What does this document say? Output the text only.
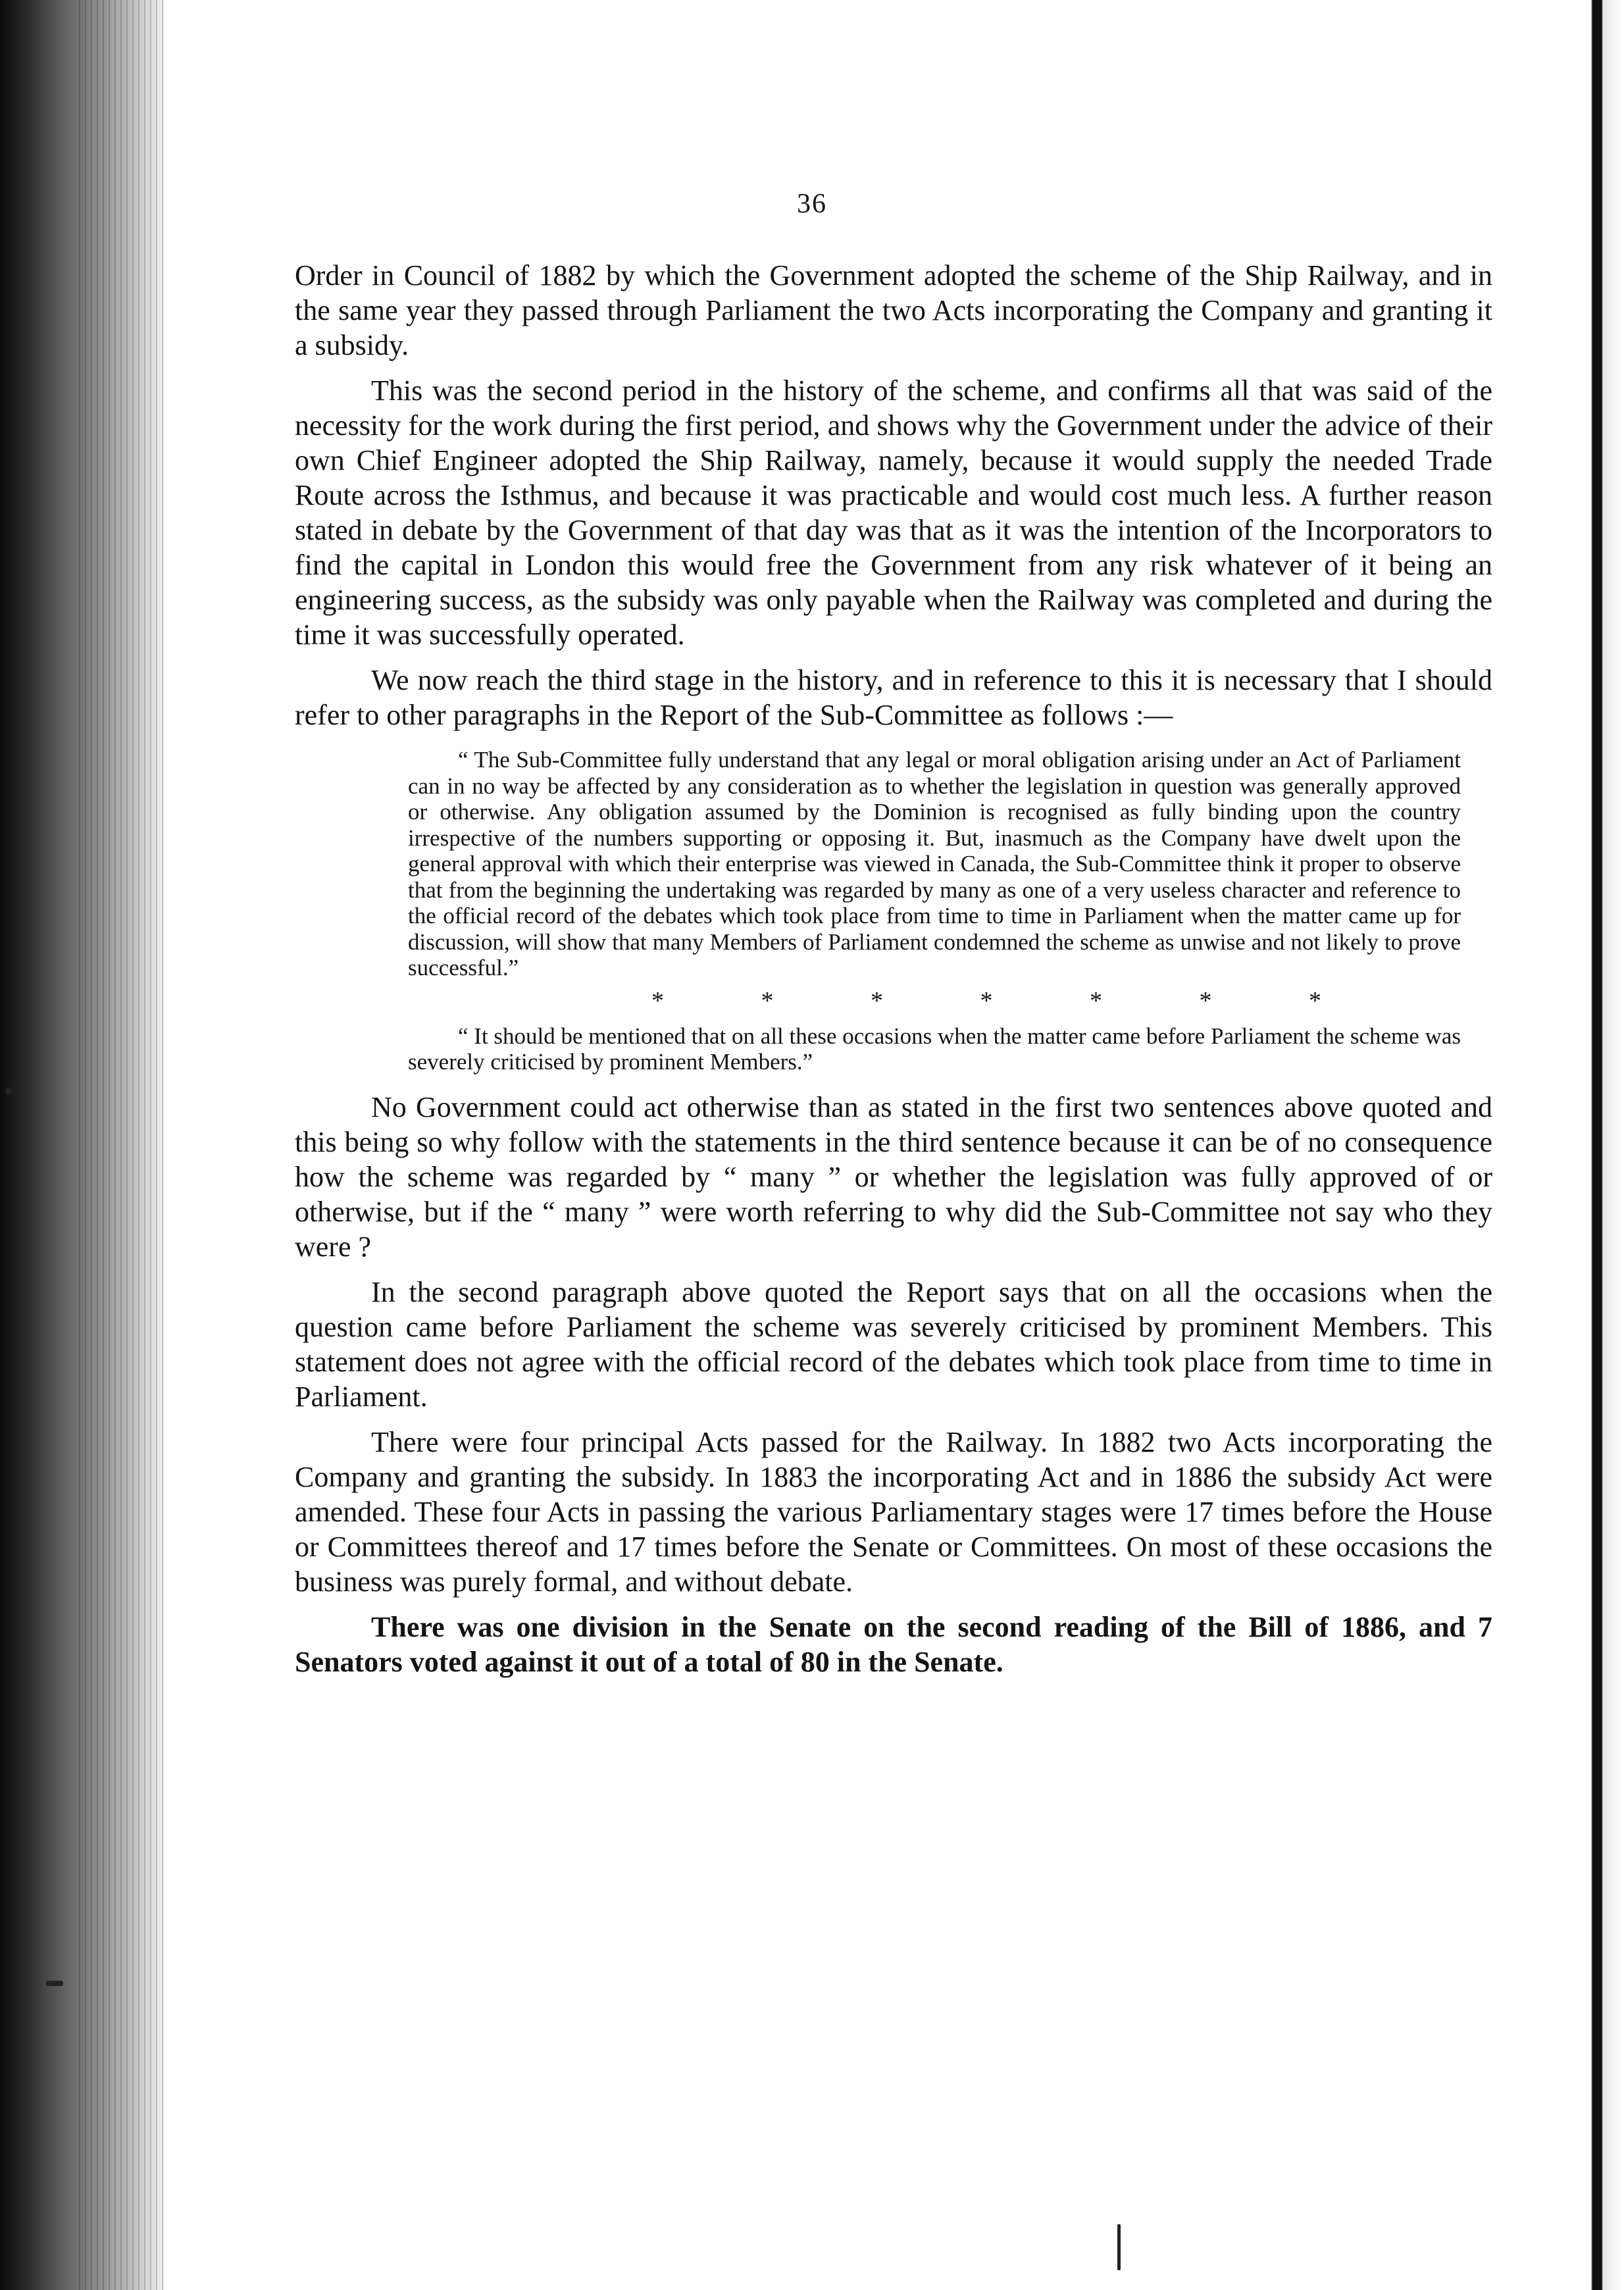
36

Order in Council of 1882 by which the Government adopted the scheme of the Ship Railway, and in the same year they passed through Parliament the two Acts incorporating the Company and granting it a subsidy.

This was the second period in the history of the scheme, and confirms all that was said of the necessity for the work during the first period, and shows why the Government under the advice of their own Chief Engineer adopted the Ship Railway, namely, because it would supply the needed Trade Route across the Isthmus, and because it was practicable and would cost much less. A further reason stated in debate by the Government of that day was that as it was the intention of the Incorporators to find the capital in London this would free the Government from any risk whatever of it being an engineering success, as the subsidy was only payable when the Railway was completed and during the time it was successfully operated.

We now reach the third stage in the history, and in reference to this it is necessary that I should refer to other paragraphs in the Report of the Sub-Committee as follows :—

“ The Sub-Committee fully understand that any legal or moral obligation arising under an Act of Parliament can in no way be affected by any consideration as to whether the legislation in question was generally approved or otherwise. Any obligation assumed by the Dominion is recognised as fully binding upon the country irrespective of the numbers supporting or opposing it. But, inasmuch as the Company have dwelt upon the general approval with which their enterprise was viewed in Canada, the Sub-Committee think it proper to observe that from the beginning the undertaking was regarded by many as one of a very useless character and reference to the official record of the debates which took place from time to time in Parliament when the matter came up for discussion, will show that many Members of Parliament condemned the scheme as unwise and not likely to prove successful.”

* * * * * * *

“ It should be mentioned that on all these occasions when the matter came before Parliament the scheme was severely criticised by prominent Members.”

No Government could act otherwise than as stated in the first two sentences above quoted and this being so why follow with the statements in the third sentence because it can be of no consequence how the scheme was regarded by “ many ” or whether the legislation was fully approved of or otherwise, but if the “ many ” were worth referring to why did the Sub-Committee not say who they were ?

In the second paragraph above quoted the Report says that on all the occasions when the question came before Parliament the scheme was severely criticised by prominent Members. This statement does not agree with the official record of the debates which took place from time to time in Parliament.

There were four principal Acts passed for the Railway. In 1882 two Acts incorporating the Company and granting the subsidy. In 1883 the incorporating Act and in 1886 the subsidy Act were amended. These four Acts in passing the various Parliamentary stages were 17 times before the House or Committees thereof and 17 times before the Senate or Committees. On most of these occasions the business was purely formal, and without debate.

There was one division in the Senate on the second reading of the Bill of 1886, and 7 Senators voted against it out of a total of 80 in the Senate.
